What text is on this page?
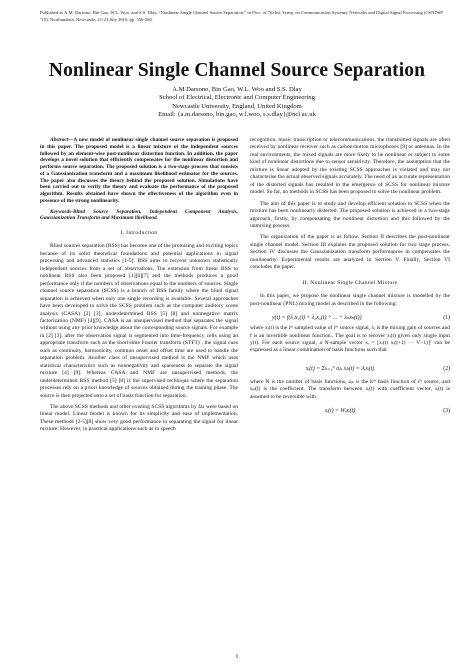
Published as A.M. Darsono, Bin Gao, W.L. Woo, and S.S. Dlay, “Nonlinear Single Channel Source Separation,” in Proc. of 7th Int. Symp. on Communication Systems, Networks and Digital Signal Processing (CSNDSP ’10), Northumbria, Newcastle, 21-23 July 2010, pp. 556-560.
Nonlinear Single Channel Source Separation
A.M Darsono, Bin Gao, W.L. Woo and S.S. Dlay
School of Electrical, Electronic and Computer Engineering
Newcastle University, England, United Kingdom
Email: {a.m.darsono, bin.gao, w.l.woo, s.s.dlay}@ncl.ac.uk

Abstract—A new model of nonlinear single channel source separation is proposed in this paper. The proposed model is a linear mixture of the independent sources followed by an element-wise post-nonlinear distortion function. In addition, the paper develops a novel solution that efficiently compensates for the nonlinear distortion and performs source separation. The proposed solution is a two-stage process that consists of a Gaussianization transform and a maximum likelihood estimator for the sources. The paper also discusses the theory behind the proposed solution. Simulations have been carried out to verify the theory and evaluate the performance of the proposed algorithm. Results obtained have shown the effectiveness of the algorithm even in presence of the strong nonlinearity.

Keywords-Blind Source Separation, Independent Component Analysis, Gaussianization Transform and Maximum likelihood.

I. Introduction

Blind sources separation (BSS) has become one of the promising and exciting topics because of its solid theoretical foundations and potential applications in signal processing and advanced statistics [1-5]. BSS aims to recover unknown statistically independent sources from a set of observations. The extension from linear BSS to nonlinear BSS also been proposed [1][6][7] and the methods produces a good performance only if the numbers of observations equal to the numbers of sources. Single channel source separation (SCSS) is a branch of BSS family where the blind signal separation is achieved when only one single recording is available. Several approaches have been developed to solve the SCSS problem such as the computer auditory scene analysis (CASA) [2] [3], underdetermined BSS [5] [8] and nonnegative matrix factorization (NMF) [4][9]. CASA is an unsupervised method that separates the signal without using any prior knowledge about the corresponding source signals. For example in [2] [3], after the observation signal is segmented into time-frequency cells using an appropriate transform such as the short-time Fourier transform (STFT) , the signal cues such as continuity, harmonicity, common onset and offset time are used to handle the separation problem. Another class of unsupervised method is the NMF which uses statistical characteristics such as nonnegativity and sparseness to separate the signal mixture [4] [9]. Whereas CASA and NMF are unsupervised methods, the underdetermined BSS method [5] [8] is the supervised technique where the separation processes rely on a priori knowledge of sources obtained during the training phase. The source is then projected onto a set of basis function for separation.

The above SCSS methods and other existing SCSS algorithms by far were based on linear model. Linear model is known for its simplicity and ease of implementation. These methods [2-5][8] show very good performance in separating the signal for linear mixture. However, in practical applications such as in speech

recognition, music transcription or telecommunications, the transmitted signals are often received by nonlinear receiver such as carbon-button microphones [9] or antennas. In the real environments, the mixed signals are more likely to be nonlinear or subject to some kind of nonlinear distortions due to sensor sensitivity. Therefore, the assumption that the mixture is linear adopted by the existing SCSS approaches is violated and may not characterise the actual observed signals accurately. The need of an accurate representation of the distorted signals has resulted in the emergence of SCSS for nonlinear mixture model. So far, no methods in SCSS has been proposed to solve the nonlinear problem.

The aim of this paper is to study and develop efficient solution to SCSS when the mixture has been nonlinearly distorted. The proposed solution is achieved in a two-stage approach, firstly, by compensating the nonlinear distortion and this followed by the unmixing process.

The organization of the paper is as follow. Section II describes the post-nonlinear single channel model. Section III explains the proposed solution for two stage process. Section IV discusses the Gaussianization transform performances in compensates the nonlinearity. Experimental results are analyzed in Section V. Finally, Section VI concludes the paper.

II. Nonlinear Single Channel Mixture

In this paper, we propose the nonlinear single channel mixture is modelled by the post-nonlinear (PNL) mixing model as described in the following:

y(t) = f(λ₁x₁(t) + λ₂x₂(t) + ... + λₙxₙ(t))	(1)

where xᵢ(t) is the iᵗʰ sampled value of iᵗʰ source signal, λᵢ is the mixing gain of sources and f is an invertible nonlinear function.. The goal is to recover xᵢ(t) given only single input y(t). For each source signal, a N-sample vector xᵢ = [xᵢ(t) xᵢ(t+1) ··· V−1)]ᵀ can be expressed as a linear combination of basis functions such that

xᵢ(t) = Σₖ₌₁ᴺ aᵢₖ sᵢₖ(t) = Aᵢsᵢ(t)	(2)

where N is the number of basis functions, aᵢₖ is the kᵗʰ basis function of iᵗʰ source, and sᵢₖ(t) is the coefficient. The transform between xᵢ(t) with coefficient vector, sᵢ(t) is assumed to be reversible with

sᵢ(t) = Wᵢxᵢ(t)	(3)
1
